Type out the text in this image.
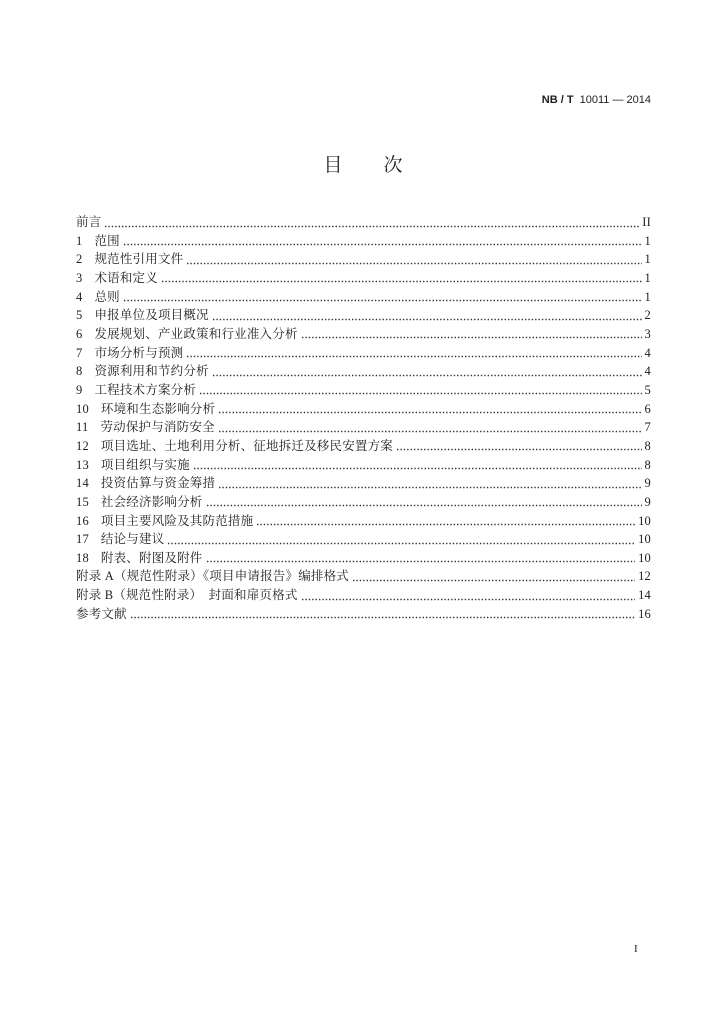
NB / T 10011 — 2014
目次
前言	II
1 范围	1
2 规范性引用文件	1
3 术语和定义	1
4 总则	1
5 申报单位及项目概况	2
6 发展规划、产业政策和行业准入分析	3
7 市场分析与预测	4
8 资源利用和节约分析	4
9 工程技术方案分析	5
10 环境和生态影响分析	6
11 劳动保护与消防安全	7
12 项目选址、土地利用分析、征地拆迁及移民安置方案	8
13 项目组织与实施	8
14 投资估算与资金筹措	9
15 社会经济影响分析	9
16 项目主要风险及其防范措施	10
17 结论与建议	10
18 附表、附图及附件	10
附录 A（规范性附录）《项目申请报告》编排格式	12
附录 B（规范性附录）　封面和扉页格式	14
参考文献	16
I
